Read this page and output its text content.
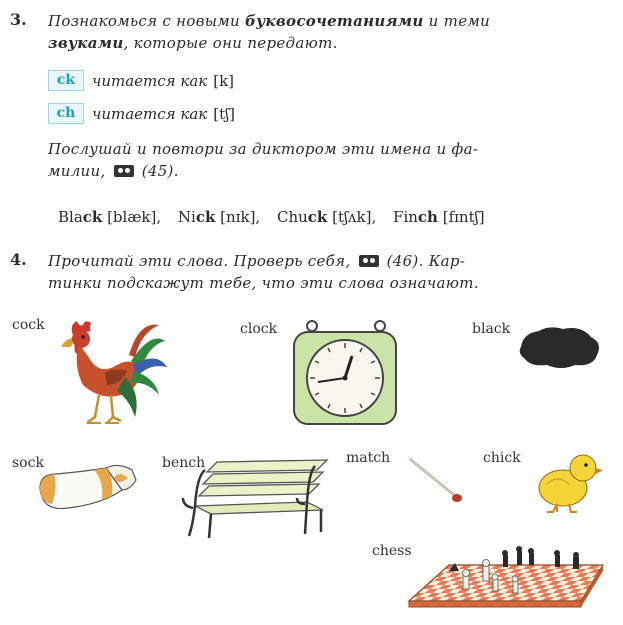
3. Познакомься с новыми буквосочетаниями и теми
звуками, которые они передают.
ck	читается как [k]
ch	читается как [tʃ]
Послушай и повтори за диктором эти имена и фа-
милии, (45).
Black [blæk], Nick [nɪk], Chuck [tʃʌk], Finch [fɪntʃ]
4. Прочитай эти слова. Проверь себя, (46). Кар-
тинки подскажут тебе, что эти слова означают.
cock	clock	black
sock	bench	match	chick
chess
